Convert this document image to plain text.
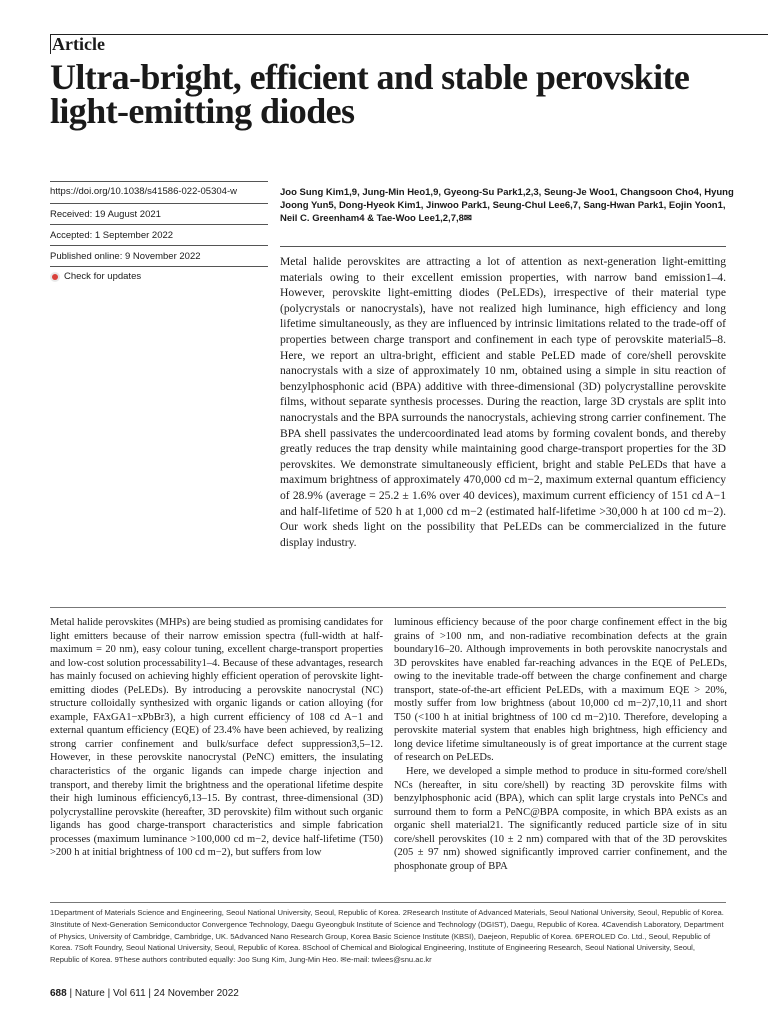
Article
Ultra-bright, efficient and stable perovskite light-emitting diodes
https://doi.org/10.1038/s41586-022-05304-w
Received: 19 August 2021
Accepted: 1 September 2022
Published online: 9 November 2022
Check for updates

Joo Sung Kim1,9, Jung-Min Heo1,9, Gyeong-Su Park1,2,3, Seung-Je Woo1, Changsoon Cho4, Hyung Joong Yun5, Dong-Hyeok Kim1, Jinwoo Park1, Seung-Chul Lee6,7, Sang-Hwan Park1, Eojin Yoon1, Neil C. Greenham4 & Tae-Woo Lee1,2,7,8✉

Metal halide perovskites are attracting a lot of attention as next-generation light-emitting materials owing to their excellent emission properties, with narrow band emission1–4. However, perovskite light-emitting diodes (PeLEDs), irrespective of their material type (polycrystals or nanocrystals), have not realized high luminance, high efficiency and long lifetime simultaneously, as they are influenced by intrinsic limitations related to the trade-off of properties between charge transport and confinement in each type of perovskite material5–8. Here, we report an ultra-bright, efficient and stable PeLED made of core/shell perovskite nanocrystals with a size of approximately 10 nm, obtained using a simple in situ reaction of benzylphosphonic acid (BPA) additive with three-dimensional (3D) polycrystalline perovskite films, without separate synthesis processes. During the reaction, large 3D crystals are split into nanocrystals and the BPA surrounds the nanocrystals, achieving strong carrier confinement. The BPA shell passivates the undercoordinated lead atoms by forming covalent bonds, and thereby greatly reduces the trap density while maintaining good charge-transport properties for the 3D perovskites. We demonstrate simultaneously efficient, bright and stable PeLEDs that have a maximum brightness of approximately 470,000 cd m−2, maximum external quantum efficiency of 28.9% (average = 25.2 ± 1.6% over 40 devices), maximum current efficiency of 151 cd A−1 and half-lifetime of 520 h at 1,000 cd m−2 (estimated half-lifetime >30,000 h at 100 cd m−2). Our work sheds light on the possibility that PeLEDs can be commercialized in the future display industry.

Metal halide perovskites (MHPs) are being studied as promising candidates for light emitters because of their narrow emission spectra (full-width at half-maximum = 20 nm), easy colour tuning, excellent charge-transport properties and low-cost solution processability1–4. Because of these advantages, research has mainly focused on achieving highly efficient operation of perovskite light-emitting diodes (PeLEDs). By introducing a perovskite nanocrystal (NC) structure colloidally synthesized with organic ligands or cation alloying (for example, FAxGA1−xPbBr3), a high current efficiency of 108 cd A−1 and external quantum efficiency (EQE) of 23.4% have been achieved, by realizing strong carrier confinement and bulk/surface defect suppression3,5–12. However, in these perovskite nanocrystal (PeNC) emitters, the insulating characteristics of the organic ligands can impede charge injection and transport, and thereby limit the brightness and the operational lifetime despite their high luminous efficiency6,13–15. By contrast, three-dimensional (3D) polycrystalline perovskite (hereafter, 3D perovskite) film without such organic ligands has good charge-transport characteristics and simple fabrication processes (maximum luminance >100,000 cd m−2, device half-lifetime (T50) >200 h at initial brightness of 100 cd m−2), but suffers from low

luminous efficiency because of the poor charge confinement effect in the big grains of >100 nm, and non-radiative recombination defects at the grain boundary16–20. Although improvements in both perovskite nanocrystals and 3D perovskites have enabled far-reaching advances in the EQE of PeLEDs, owing to the inevitable trade-off between the charge confinement and charge transport, state-of-the-art efficient PeLEDs, with a maximum EQE > 20%, mostly suffer from low brightness (about 10,000 cd m−2)7,10,11 and short T50 (<100 h at initial brightness of 100 cd m−2)10. Therefore, developing a perovskite material system that enables high brightness, high efficiency and long device lifetime simultaneously is of great importance at the current stage of research on PeLEDs.

Here, we developed a simple method to produce in situ-formed core/shell NCs (hereafter, in situ core/shell) by reacting 3D perovskite films with benzylphosphonic acid (BPA), which can split large crystals into PeNCs and surround them to form a PeNC@BPA composite, in which BPA exists as an organic shell material21. The significantly reduced particle size of in situ core/shell perovskites (10 ± 2 nm) compared with that of the 3D perovskites (205 ± 97 nm) showed significantly improved carrier confinement, and the phosphonate group of BPA

1Department of Materials Science and Engineering, Seoul National University, Seoul, Republic of Korea. 2Research Institute of Advanced Materials, Seoul National University, Seoul, Republic of Korea. 3Institute of Next-Generation Semiconductor Convergence Technology, Daegu Gyeongbuk Institute of Science and Technology (DGIST), Daegu, Republic of Korea. 4Cavendish Laboratory, Department of Physics, University of Cambridge, Cambridge, UK. 5Advanced Nano Research Group, Korea Basic Science Institute (KBSI), Daejeon, Republic of Korea. 6PEROLED Co. Ltd., Seoul, Republic of Korea. 7Soft Foundry, Seoul National University, Seoul, Republic of Korea. 8School of Chemical and Biological Engineering, Institute of Engineering Research, Seoul National University, Seoul, Republic of Korea. 9These authors contributed equally: Joo Sung Kim, Jung-Min Heo. ✉e-mail: twlees@snu.ac.kr

688 | Nature | Vol 611 | 24 November 2022
